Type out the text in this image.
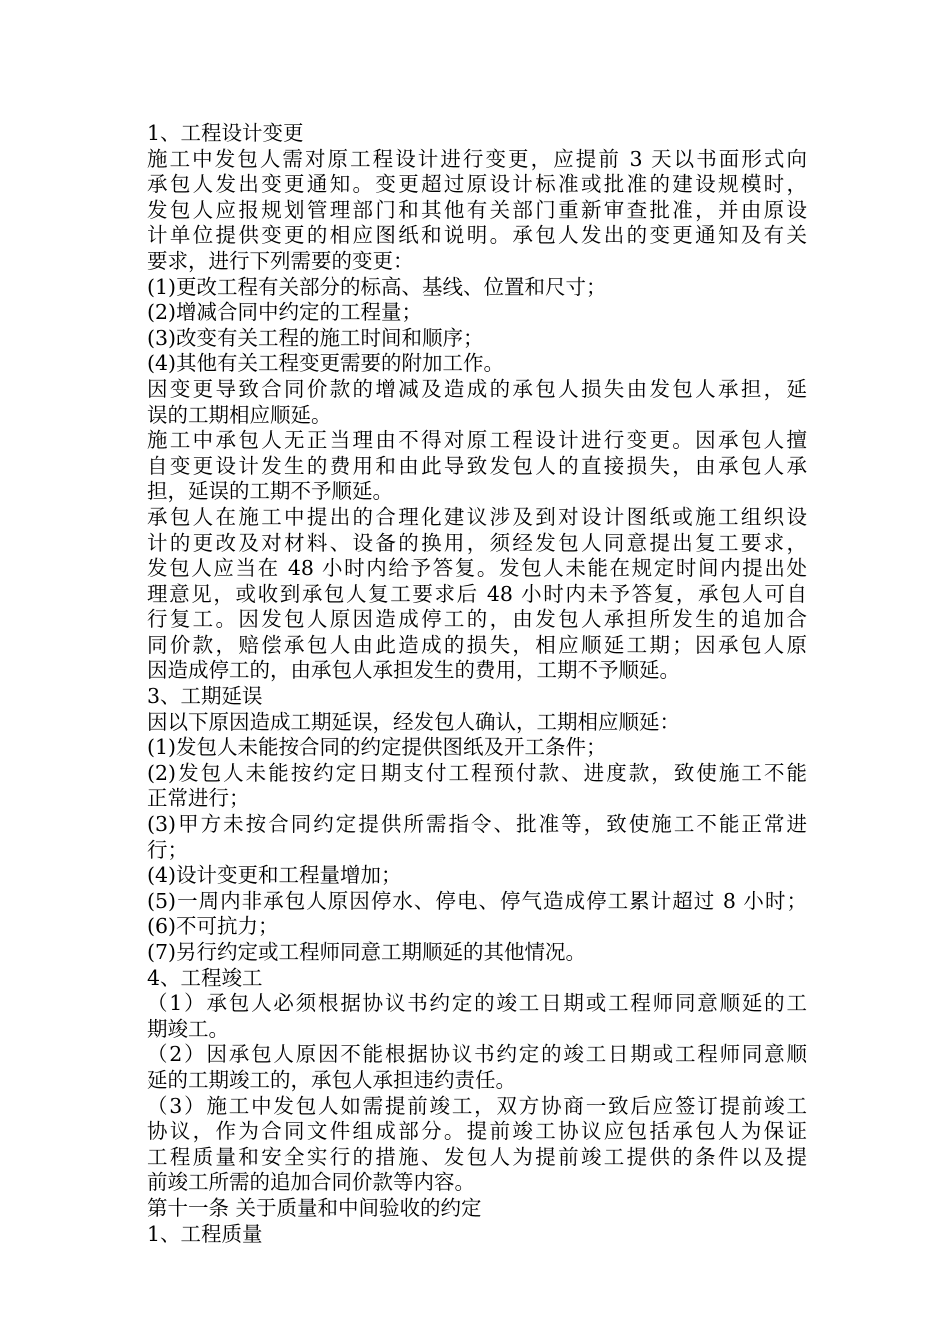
1、工程设计变更
施工中发包人需对原工程设计进行变更，应提前 3 天以书面形式向
承包人发出变更通知。变更超过原设计标准或批准的建设规模时，
发包人应报规划管理部门和其他有关部门重新审查批准，并由原设
计单位提供变更的相应图纸和说明。承包人发出的变更通知及有关
要求，进行下列需要的变更：
(1)更改工程有关部分的标高、基线、位置和尺寸；
(2)增减合同中约定的工程量；
(3)改变有关工程的施工时间和顺序；
(4)其他有关工程变更需要的附加工作。
因变更导致合同价款的增减及造成的承包人损失由发包人承担，延
误的工期相应顺延。
施工中承包人无正当理由不得对原工程设计进行变更。因承包人擅
自变更设计发生的费用和由此导致发包人的直接损失，由承包人承
担，延误的工期不予顺延。
承包人在施工中提出的合理化建议涉及到对设计图纸或施工组织设
计的更改及对材料、设备的换用，须经发包人同意提出复工要求，
发包人应当在 48 小时内给予答复。发包人未能在规定时间内提出处
理意见，或收到承包人复工要求后 48 小时内未予答复，承包人可自
行复工。因发包人原因造成停工的，由发包人承担所发生的追加合
同价款，赔偿承包人由此造成的损失，相应顺延工期；因承包人原
因造成停工的，由承包人承担发生的费用，工期不予顺延。
3、工期延误
因以下原因造成工期延误，经发包人确认，工期相应顺延：
(1)发包人未能按合同的约定提供图纸及开工条件；
(2)发包人未能按约定日期支付工程预付款、进度款，致使施工不能
正常进行；
(3)甲方未按合同约定提供所需指令、批准等，致使施工不能正常进
行；
(4)设计变更和工程量增加；
(5)一周内非承包人原因停水、停电、停气造成停工累计超过 8 小时；
(6)不可抗力；
(7)另行约定或工程师同意工期顺延的其他情况。
4、工程竣工
（1）承包人必须根据协议书约定的竣工日期或工程师同意顺延的工
期竣工。
（2）因承包人原因不能根据协议书约定的竣工日期或工程师同意顺
延的工期竣工的，承包人承担违约责任。
（3）施工中发包人如需提前竣工，双方协商一致后应签订提前竣工
协议，作为合同文件组成部分。提前竣工协议应包括承包人为保证
工程质量和安全实行的措施、发包人为提前竣工提供的条件以及提
前竣工所需的追加合同价款等内容。
第十一条 关于质量和中间验收的约定
1、工程质量
